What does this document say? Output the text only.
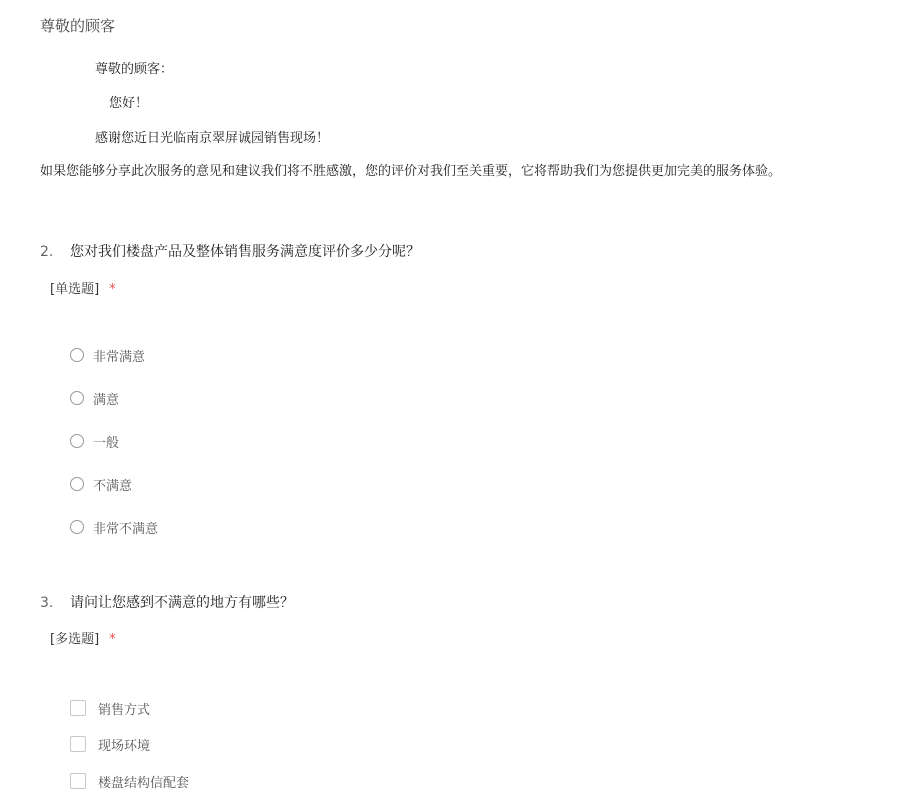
尊敬的顾客
尊敬的顾客：
您好！
感谢您近日光临南京翠屏诚园销售现场！
如果您能够分享此次服务的意见和建议我们将不胜感激，您的评价对我们至关重要，它将帮助我们为您提供更加完美的服务体验。
2. 您对我们楼盘产品及整体销售服务满意度评价多少分呢？
[单选题] *
非常满意
满意
一般
不满意
非常不满意
3. 请问让您感到不满意的地方有哪些？
[多选题] *
销售方式
现场环境
楼盘结构信配套
